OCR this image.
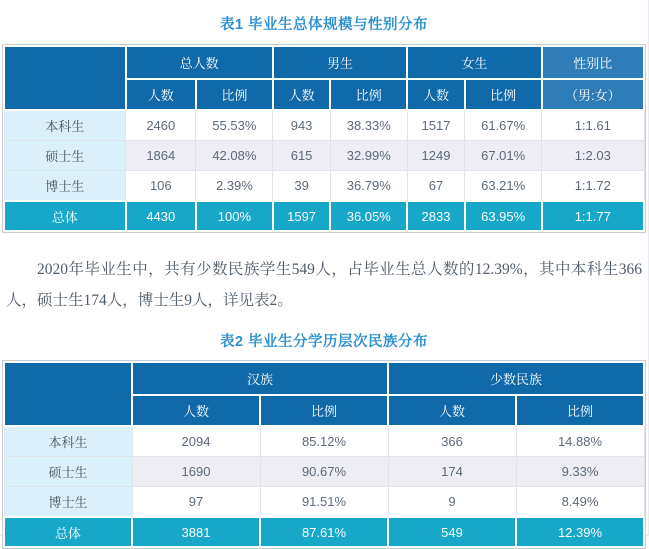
表1 毕业生总体规模与性别分布
	总人数		男生		女生		性别比
	人数	比例	人数	比例	人数	比例	（男:女）
本科生	2460	55.53%	943	38.33%	1517	61.67%	1:1.61
硕士生	1864	42.08%	615	32.99%	1249	67.01%	1:2.03
博士生	106	2.39%	39	36.79%	67	63.21%	1:1.72
总体	4430	100%	1597	36.05%	2833	63.95%	1:1.77

2020年毕业生中，共有少数民族学生549人，占毕业生总人数的12.39%，其中本科生366人，硕士生174人，博士生9人，详见表2。

表2 毕业生分学历层次民族分布
	汉族		少数民族	
	人数	比例	人数	比例
本科生	2094	85.12%	366	14.88%
硕士生	1690	90.67%	174	9.33%
博士生	97	91.51%	9	8.49%
总体	3881	87.61%	549	12.39%
